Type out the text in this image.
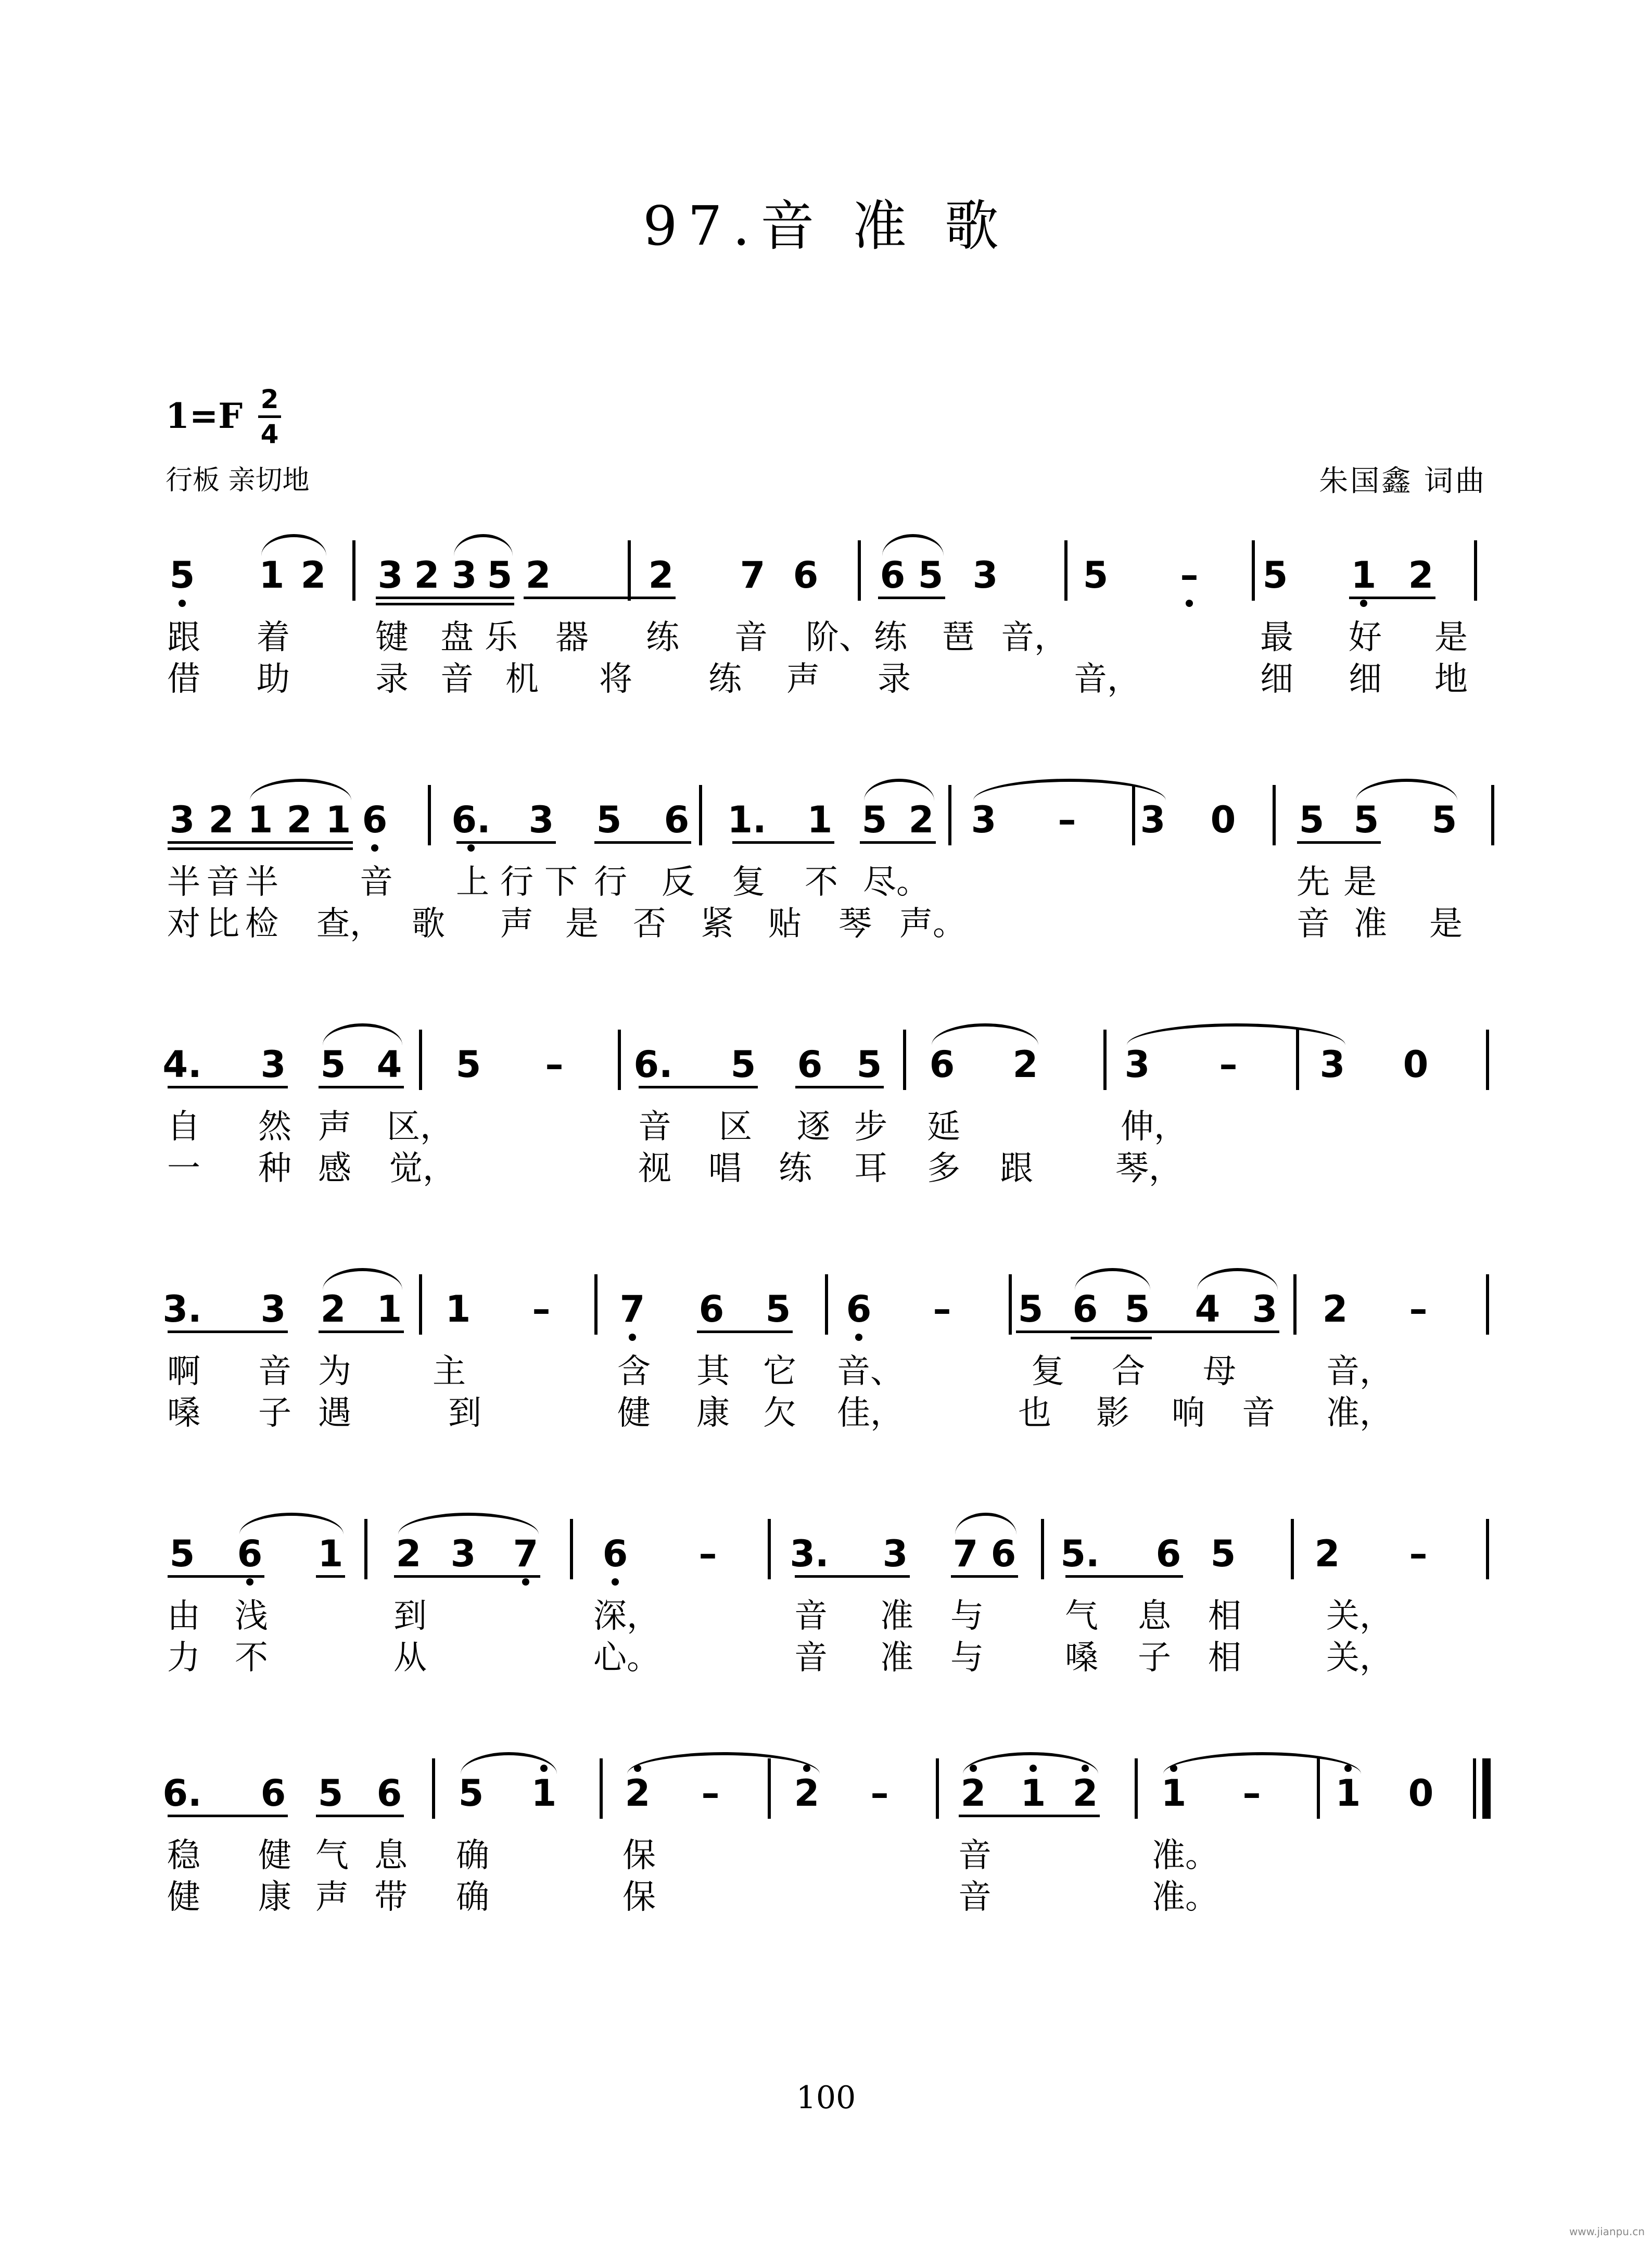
97.音 准 歌
1=F 2
4
行板 亲切地	朱国鑫 词曲
5 1 2 3 2 3 5 2	2 7 6 6 5 3 5	–	5 1 2
跟 着	键 盘 乐 器 练 音 阶、 练 琶 音，	最 好 是
借 助	录 音 机 将 练 声 录	音，	细 细 地
3 2 1 2 1 6 6. 3 5 6 1. 1 5 2 3	–	3 0 5 5 5
半 音 半 音 上 行 下 行 反 复 不 尽。	先 是
对 比 检 查， 歌 声 是 否 紧 贴 琴 声。	音 准 是
4. 3 5 4 5	–	6. 5 6 5 6 2 3	–	3 0
自 然 声 区，	音 区 逐 步 延	伸，
一 种 感 觉，	视 唱 练 耳 多 跟 琴，
3. 3 2 1 1	–	7 6 5 6	–	5 6 5 4 3 2	–
啊 音 为 主	含 其 它 音、	复 合 母	音，
嗓 子 遇	到	健 康 欠 佳，	也 影 响 音 准，
5 6 1 2 3 7 6	–	3. 3 7 6 5. 6 5 2	–
由 浅	到	深，	音 准 与 气 息 相	关，
力 不	从	心。	音 准 与 嗓 子 相	关，
6. 6 5 6 5 1 2	–	2	–	2 1 2 1	–	1 0
稳 健 气 息 确	保	音	准。
健 康 声 带 确	保	音	准。
100
www.jianpu.cn
